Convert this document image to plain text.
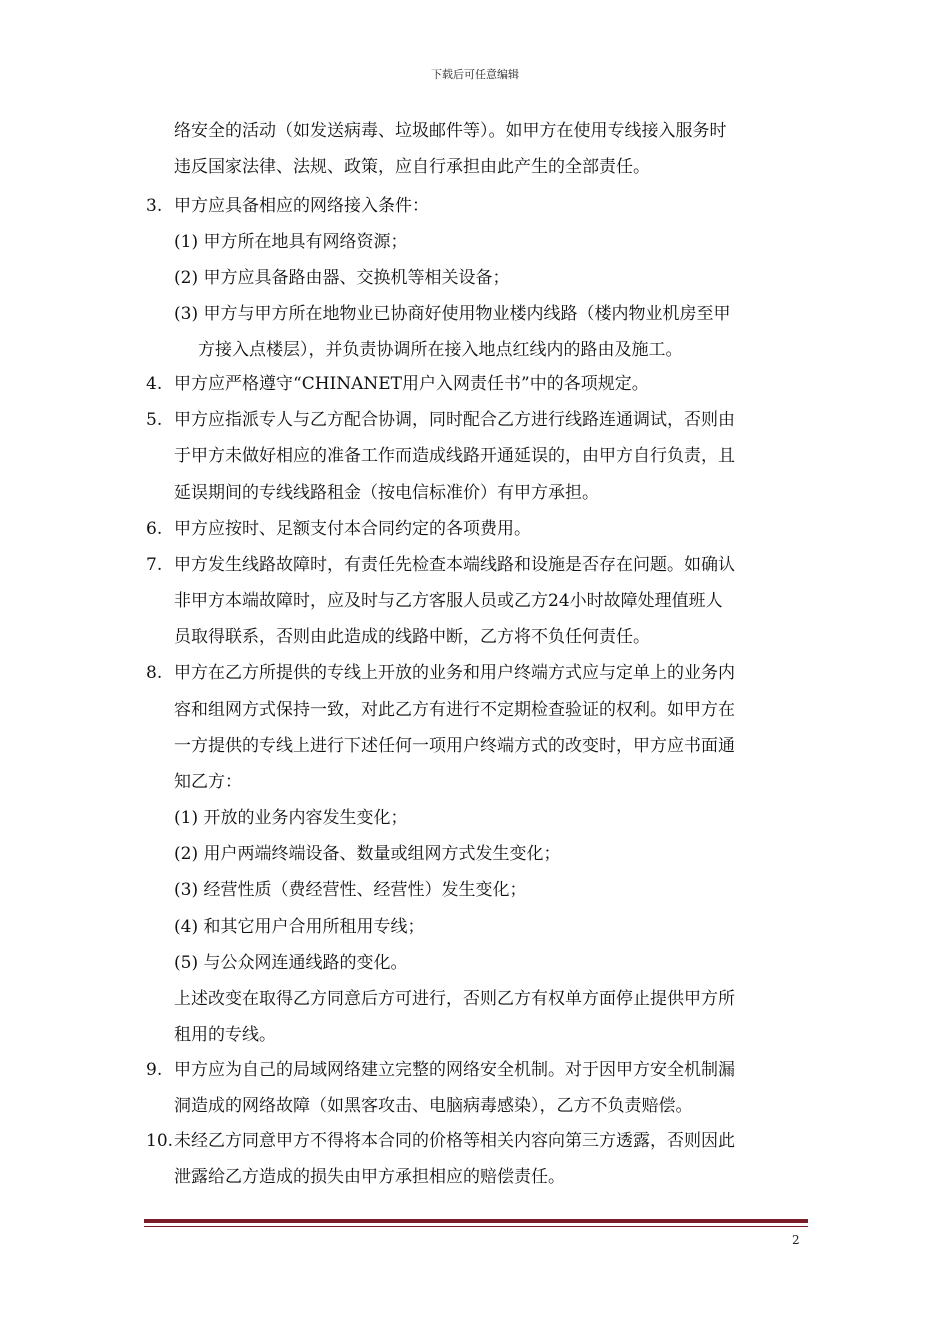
下载后可任意编辑
络安全的活动（如发送病毒、垃圾邮件等）。如甲方在使用专线接入服务时
违反国家法律、法规、政策，应自行承担由此产生的全部责任。
3. 甲方应具备相应的网络接入条件：
(1) 甲方所在地具有网络资源；
(2) 甲方应具备路由器、交换机等相关设备；
(3) 甲方与甲方所在地物业已协商好使用物业楼内线路（楼内物业机房至甲
方接入点楼层），并负责协调所在接入地点红线内的路由及施工。
4. 甲方应严格遵守“CHINANET用户入网责任书”中的各项规定。
5. 甲方应指派专人与乙方配合协调，同时配合乙方进行线路连通调试，否则由
于甲方未做好相应的准备工作而造成线路开通延误的，由甲方自行负责，且
延误期间的专线线路租金（按电信标准价）有甲方承担。
6. 甲方应按时、足额支付本合同约定的各项费用。
7. 甲方发生线路故障时，有责任先检查本端线路和设施是否存在问题。如确认
非甲方本端故障时，应及时与乙方客服人员或乙方24小时故障处理值班人
员取得联系，否则由此造成的线路中断，乙方将不负任何责任。
8. 甲方在乙方所提供的专线上开放的业务和用户终端方式应与定单上的业务内
容和组网方式保持一致，对此乙方有进行不定期检查验证的权利。如甲方在
一方提供的专线上进行下述任何一项用户终端方式的改变时，甲方应书面通
知乙方：
(1) 开放的业务内容发生变化；
(2) 用户两端终端设备、数量或组网方式发生变化；
(3) 经营性质（费经营性、经营性）发生变化；
(4) 和其它用户合用所租用专线；
(5) 与公众网连通线路的变化。
上述改变在取得乙方同意后方可进行，否则乙方有权单方面停止提供甲方所
租用的专线。
9. 甲方应为自己的局域网络建立完整的网络安全机制。对于因甲方安全机制漏
洞造成的网络故障（如黑客攻击、电脑病毒感染），乙方不负责赔偿。
10. 未经乙方同意甲方不得将本合同的价格等相关内容向第三方透露，否则因此
泄露给乙方造成的损失由甲方承担相应的赔偿责任。
2
